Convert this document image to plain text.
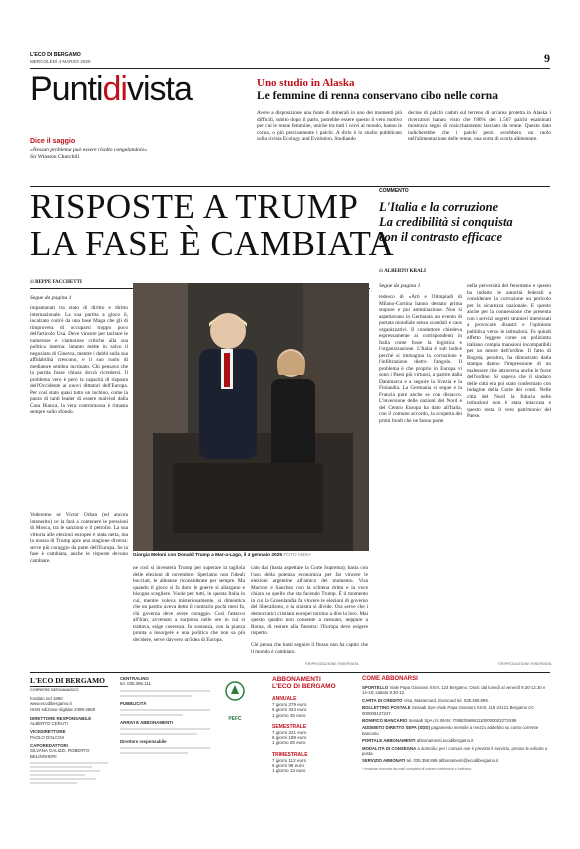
L'ECO DI BERGAMO
MERCOLEDÌ 4 MARZO 2026	9
Puntidivista	Uno studio in Alaska
Le femmine di renna conservano cibo nelle corna
Avere a disposizione una fonte di minerali in uno dei momenti più difficili, subito dopo il parto, potrebbe essere questo il vero motivo per cui le renne femmine, uniche tra tutti i cervi al mondo, hanno le corna, o più precisamente i palchi. A dirlo è lo studio pubblicato sulla rivista Ecology and Evolution. Studiando
decine di palchi caduti sul terreno di un'area protetta in Alaska i ricercatori hanno visto che l'86% dei 1.567 palchi esaminati mostrava segni di rosicchiamento lasciato da renne. Questo dato indicherebbe che i palchi persi avrebbero un ruolo nell'alimentazione delle renne, una sorta di scorta alimentare.
Dice il saggio
«Nessun problema può essere risolto congelandolo»
Sir Winston Churchill
RISPOSTE A TRUMP
LA FASE È CAMBIATA
COMMENTO
L'Italia e la corruzione
La credibilità si conquista
con il contrasto efficace
di BEPPE FACCHETTI
di ALBERTO KRALI
Segue da pagina 1
impantanati tra stato di diritto e diritto internazionale. La sua partita a gioco il, incalzato com'è da una base Maga che gli di rimprovera di occuparsi troppo poco dell'articolo Usa. Deve vincere per tacitare le numerose e clamorose critiche alla sua politica interna: intanto mette in salvo il negoziato di Ginevra, mentre i dubbi sulla sua affidabilità crescono, e il suo ruolo di mediatore sembra incrinato. Chi pensava che la partita fosse chiusa dovrà ricredersi. Il problema vero è però la capacità di risposta dell'Occidente ai nuovi dittatori dell'Europa. Per così stato quasi tutto un inchino, come la paura di tanti leader di essere malvisti dalla Casa Bianca, la vera contromossa è rimasta sempre sullo sfondo.
Vederemo se Victor Orban (ed ancora intenerito) ce la farà a contenere le pressioni di Mosca, tra le sanzioni e il petrolio. La sua vittoria alle elezioni europee è stata netta, ma la mossa di Trump apre una stagione diversa: serve più coraggio da parte dell'Europa. Se la fase è cambiata, anche le risposte devono cambiare.
Giorgia Meloni con Donald Trump a Mar-a-Lago, il 4 gennaio 2025 FOTO ANSA
ne così si inventerà Trump per superare la tagliola delle elezioni di novembre. Speriamo non l'ideali bocciati, le alleanze riconsiderate per sempre. Ma quando il gioco si fa duro le guerre si allargano e bisogna scegliere. Vuole per tutti, in questa Italia in cui, mentre voleva misteriosamente, si dimentica che un partito aveva detto il contrario pochi mesi fa, chi governa deve avere coraggio. Così l'attacco all'Iran, avvenuto a sorpresa nelle ore in cui si trattava, esige coerenza. In sostanza, con la piazza pronta a insorgere e una politica che non sa più decidere, serve davvero un'idea di Europa.
cato dai (basta aspettare la Corte Suprema), basta con l'uso della potenza economica per far vincere le elezioni argentine all'amico del momento. Visa Macron e Sanchez con la schiena dritta e la voce chiara su quello che sta facendo Trump. È il momento in cui la Groenlandia fa vincere le elezioni di governo del liberalismo, e la sinistra si divide. Ora serve che i democratici cristiani europei tornino a dire la loro. Mai questo quadro non consente a nessuno, neppure a Roma, di restare alla finestra: l'Europa deve esigere rispetto.
Chi pensa che basti seguire il flusso non ha capito che il mondo è cambiato.
©RIPRODUZIONE RISERVATA
Segue da pagina 1
tedesco di «Arti e Olimpiadi di Milano-Cortina hanno destato prima stupore e poi amminazione. Non si aspettavano in Germania un evento di portata mondiale senza scandali e caos organizzativi. Il conduttore chiedeva espressamente ai corrispondenti in Italia come fosse la logistica e l'organizzazione. L'Italia è sub iudice perché si immagina la corruzione e l'infiltrazione dietro l'angolo. Il problema è che proprio in Europa vi sono i Paesi più virtuosi, a partire dalla Danimarca e a seguire la Svezia e la Finlandia. La Germania si segue e la Francia pure anche se con distacco. L'inversione delle nazioni del Nord e del Centro Europa ha dato all'Italia, con il comune accordo, la scoperta dei primi fondi che ne fanno parte.
nella perversità del fenomeno e questo ha indotto le autorità federali a considerare la corruzione un pericolo per la sicurezza nazionale. E questo anche per la connessione che presenta con i servizi segreti stranieri interessati a provocare disastri e l'opinione pubblica verso le istituzioni. Fa quindi effetto leggere come un poliziotto italiano compia mansioni incompatibili per un tutore dell'ordine. Il fatto di Bogotà, peraltro, ha dimostrato dalla stampa danno l'impressione di un malessere che attraversa anche le forze dell'ordine. Si sapeva che il sindaco delle città era poi stato confermato con indagine della Corte dei conti. Nelle città del Nord la fiducia nelle istituzioni non è stata intaccata e questo resta il vero patrimonio del Paese.
©RIPRODUZIONE RISERVATA
L'ECO DI BERGAMO
CORRIERE BERGAMASCO
fondato nel 1880
www.ecodibergamo.it
ISSN edizione digitale 2499-4669
DIRETTORE RESPONSABILE
ALBERTO CERUTI
VICEDIRETTORE
PAOLO DOLCINI
CAPOREDATTORI
SILVANA GALIZZI, ROBERTO BELINGHERI
CENTRALINO
tel. 035.386.111
PUBBLICITÀ
ARRIVI E ABBONAMENTI
Direttore responsabile
PEFC
ABBONAMENTI
L'ECO DI BERGAMO
ANNUALE
7 giorni 379 euro
6 giorni 344 euro
1 giorno 45 euro
SEMESTRALE
7 giorni 221 euro
6 giorni 189 euro
1 giorno 25 euro
TRIMESTRALE
7 giorni 112 euro
6 giorni 98 euro
1 giorno 13 euro
COME ABBONARSI
SPORTELLO Viale Papa Giovanni XXIII, 124 Bergamo. Orari: dal lunedì al venerdì 8.30-12.30 e 14-18; sabato 8.30-12.
CARTA DI CREDITO Visa, Mastercard, Eurocard tel. 035.358.899.
BOLLETTINO POSTALE Sesaab SpA Viale Papa Giovanni XXIII, 118 24121 Bergamo c/c 000008127247.
BONIFICO BANCARIO Sesaab SpA c/c IBAN: IT95E0569611100000003273X98
ADDEBITO DIRETTO SEPA (SDD) pagamento mensile a mezzo addebito su conto corrente bancario.
PORTALE ABBONAMENTI abbonamenti.ecodibergamo.it
MODALITÀ DI CONSEGNA a domicilio per i comuni ove è previsto il servizio, presso le edicole o posta.
SERVIZIO ABBONATI tel. 035.358.899 abbonamenti@ecodibergamo.it
* invariare ricevuta via mail completa di numero telefonico e indirizzo.
